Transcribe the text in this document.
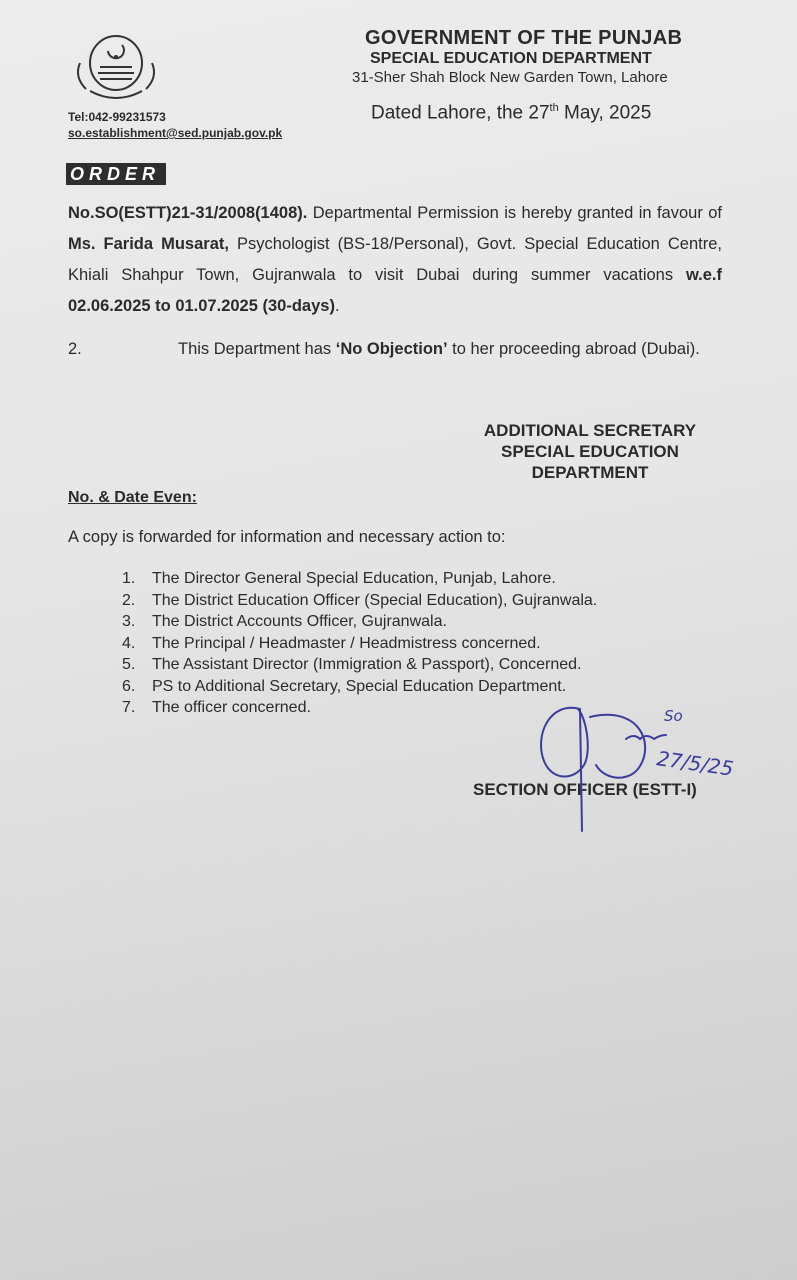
GOVERNMENT OF THE PUNJAB
SPECIAL EDUCATION DEPARTMENT
31-Sher Shah Block New Garden Town, Lahore
Tel:042-99231573
so.establishment@sed.punjab.gov.pk
Dated Lahore, the 27th May, 2025
ORDER
No.SO(ESTT)21-31/2008(1408). Departmental Permission is hereby granted in favour of Ms. Farida Musarat, Psychologist (BS-18/Personal), Govt. Special Education Centre, Khiali Shahpur Town, Gujranwala to visit Dubai during summer vacations w.e.f 02.06.2025 to 01.07.2025 (30-days).
2.	This Department has ‘No Objection’ to her proceeding abroad (Dubai).
ADDITIONAL SECRETARY
SPECIAL EDUCATION
DEPARTMENT
No. & Date Even:
A copy is forwarded for information and necessary action to:
1. The Director General Special Education, Punjab, Lahore.
2. The District Education Officer (Special Education), Gujranwala.
3. The District Accounts Officer, Gujranwala.
4. The Principal / Headmaster / Headmistress concerned.
5. The Assistant Director (Immigration & Passport), Concerned.
6. PS to Additional Secretary, Special Education Department.
7. The officer concerned.
SECTION OFFICER (ESTT-I)
So
27/5/25
